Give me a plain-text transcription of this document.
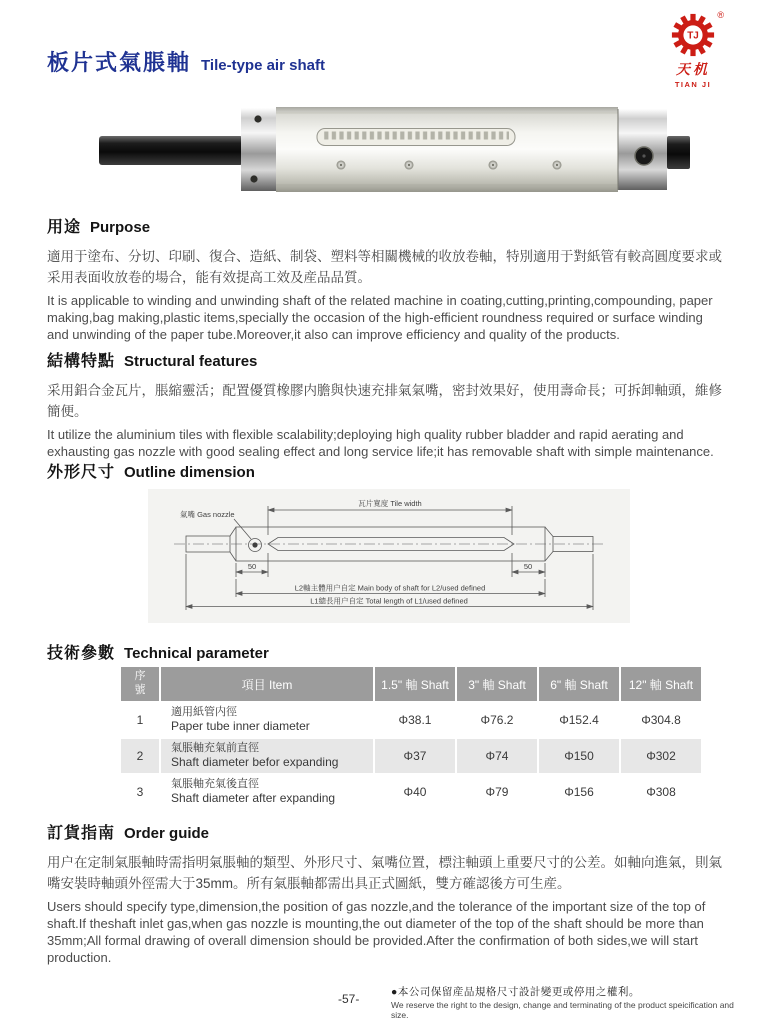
板片式氣脹軸 Tile-type air shaft
®
TJ
天机
TIAN JI
用途 Purpose

適用于塗布、分切、印刷、復合、造紙、制袋、塑料等相關機械的收放卷軸，特別適用于對紙管有較高圓度要求或采用表面收放卷的場合，能有效提高工效及産品品質。

It is applicable to winding and unwinding shaft of the related machine in coating,cutting,printing,compounding, paper making,bag making,plastic items,specially the occasion of the high-efficient roundness required or surface winding and unwinding of the paper tube.Moreover,it also can improve efficiency and quality of the products.

結構特點 Structural features

采用鋁合金瓦片，脹縮靈活；配置優質橡膠内膽與快速充排氣氣嘴，密封效果好，使用壽命長；可拆卸軸頭，維修簡便。

It utilize the aluminium tiles with flexible scalability;deploying high quality rubber bladder and rapid aerating and exhausting gas nozzle with good sealing effect and long service life;it has removable shaft with simple maintenance.

外形尺寸 Outline dimension
氣嘴 Gas nozzle
瓦片寬度 Tile width
50	50
L2軸主體用户自定 Main body of shaft for L2/used defined
L1總長用户自定 Total length of L1/used defined
技術參數 Technical parameter
序號	項目 Item	1.5" 軸 Shaft	3" 軸 Shaft	6" 軸 Shaft	12" 軸 Shaft
1	適用紙管内徑
Paper tube inner diameter	Φ38.1	Φ76.2	Φ152.4	Φ304.8
2	氣脹軸充氣前直徑
Shaft diameter befor expanding	Φ37	Φ74	Φ150	Φ302
3	氣脹軸充氣後直徑
Shaft diameter after expanding	Φ40	Φ79	Φ156	Φ308
訂貨指南 Order guide

用户在定制氣脹軸時需指明氣脹軸的類型、外形尺寸、氣嘴位置，標注軸頭上重要尺寸的公差。如軸向進氣，則氣嘴安裝時軸頭外徑需大于35mm。所有氣脹軸都需出具正式圖紙，雙方確認後方可生産。

Users should specify type,dimension,the position of gas nozzle,and the tolerance of the important size of the top of shaft.If theshaft inlet gas,when gas nozzle is mounting,the out diameter of the top of the shaft should be more than 35mm;All formal drawing of overall dimension should be provided.After the confirmation of both sides,we will start production.

-57-	●本公司保留産品規格尺寸設計變更或停用之權利。
We reserve the right to the design, change and terminating of the product speicification and size.
